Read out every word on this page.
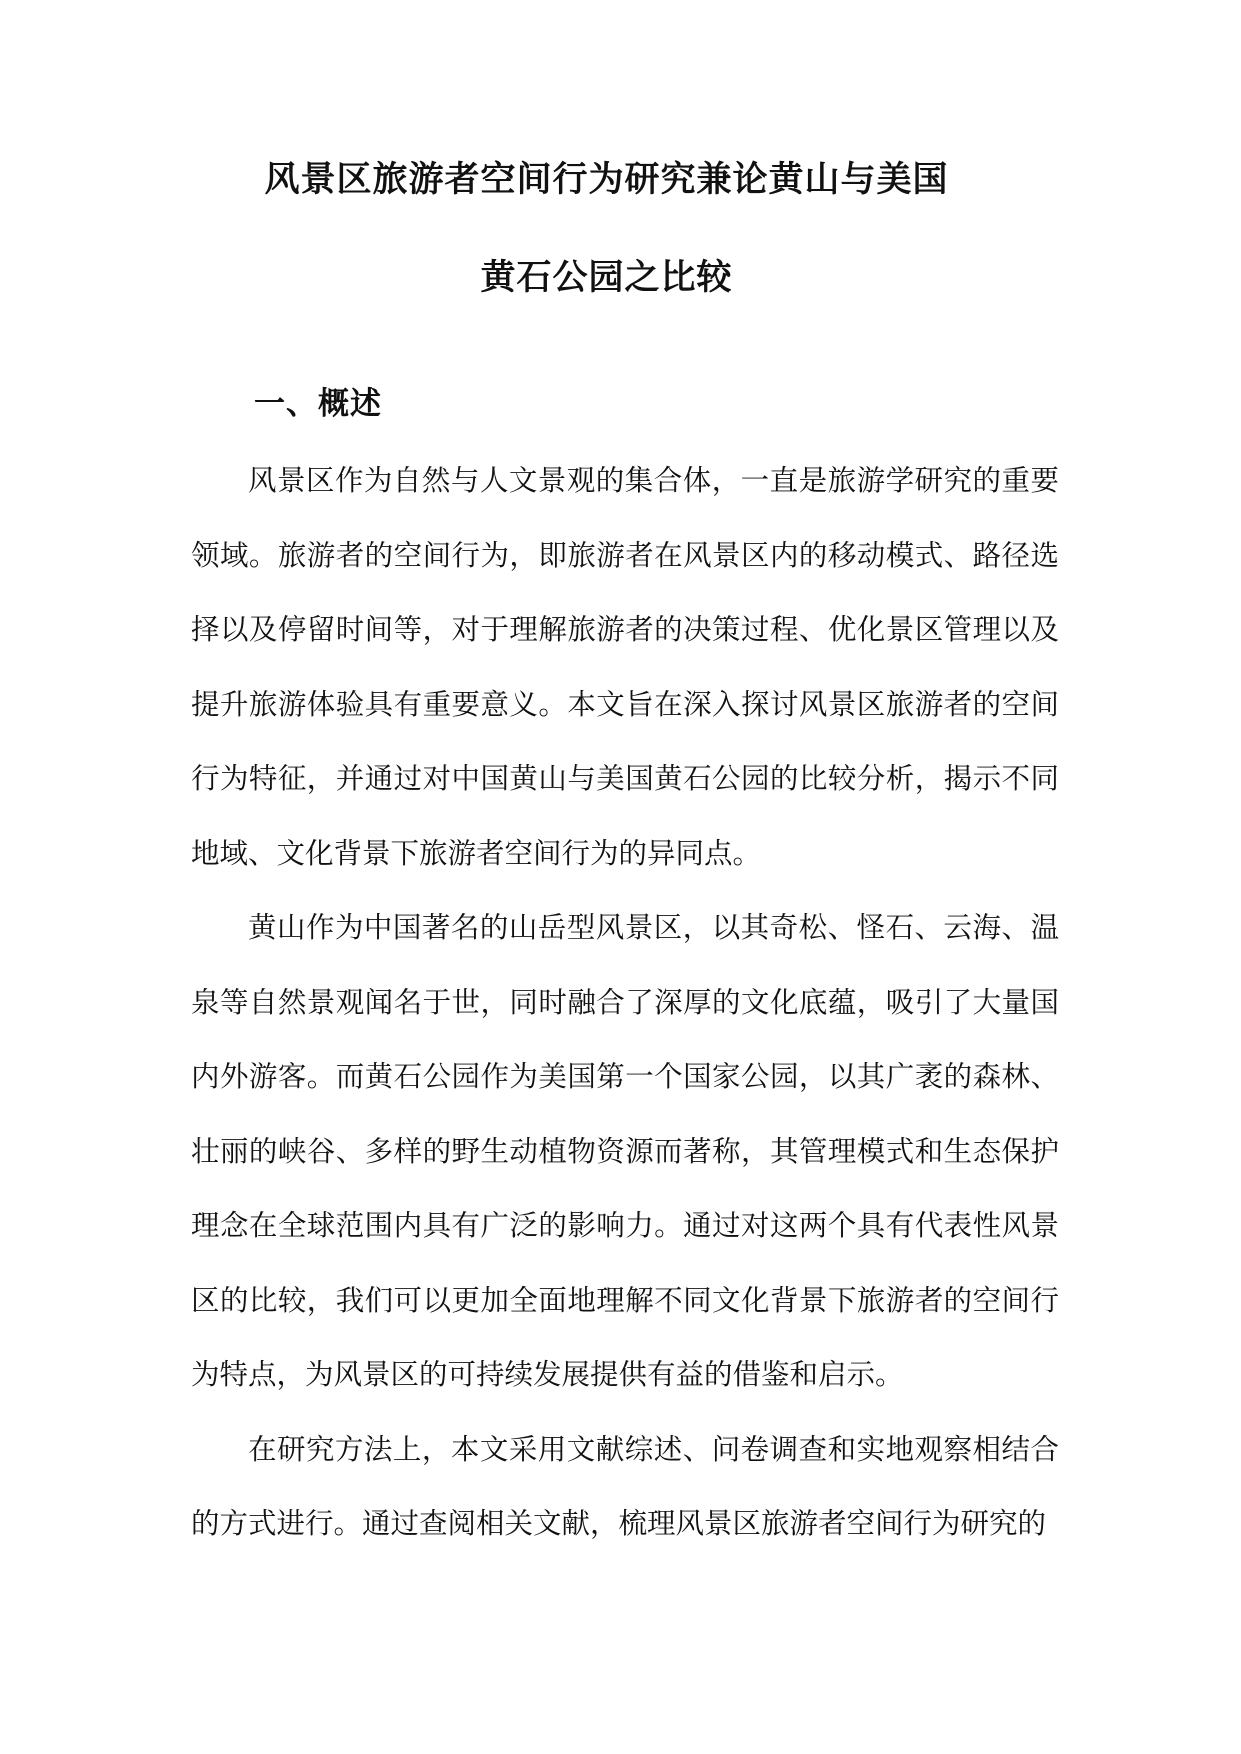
风景区旅游者空间行为研究兼论黄山与美国
黄石公园之比较
一、概述

风景区作为自然与人文景观的集合体，一直是旅游学研究的重要领域。旅游者的空间行为，即旅游者在风景区内的移动模式、路径选择以及停留时间等，对于理解旅游者的决策过程、优化景区管理以及提升旅游体验具有重要意义。本文旨在深入探讨风景区旅游者的空间行为特征，并通过对中国黄山与美国黄石公园的比较分析，揭示不同地域、文化背景下旅游者空间行为的异同点。

黄山作为中国著名的山岳型风景区，以其奇松、怪石、云海、温泉等自然景观闻名于世，同时融合了深厚的文化底蕴，吸引了大量国内外游客。而黄石公园作为美国第一个国家公园，以其广袤的森林、壮丽的峡谷、多样的野生动植物资源而著称，其管理模式和生态保护理念在全球范围内具有广泛的影响力。通过对这两个具有代表性风景区的比较，我们可以更加全面地理解不同文化背景下旅游者的空间行为特点，为风景区的可持续发展提供有益的借鉴和启示。

在研究方法上，本文采用文献综述、问卷调查和实地观察相结合的方式进行。通过查阅相关文献，梳理风景区旅游者空间行为研究的
